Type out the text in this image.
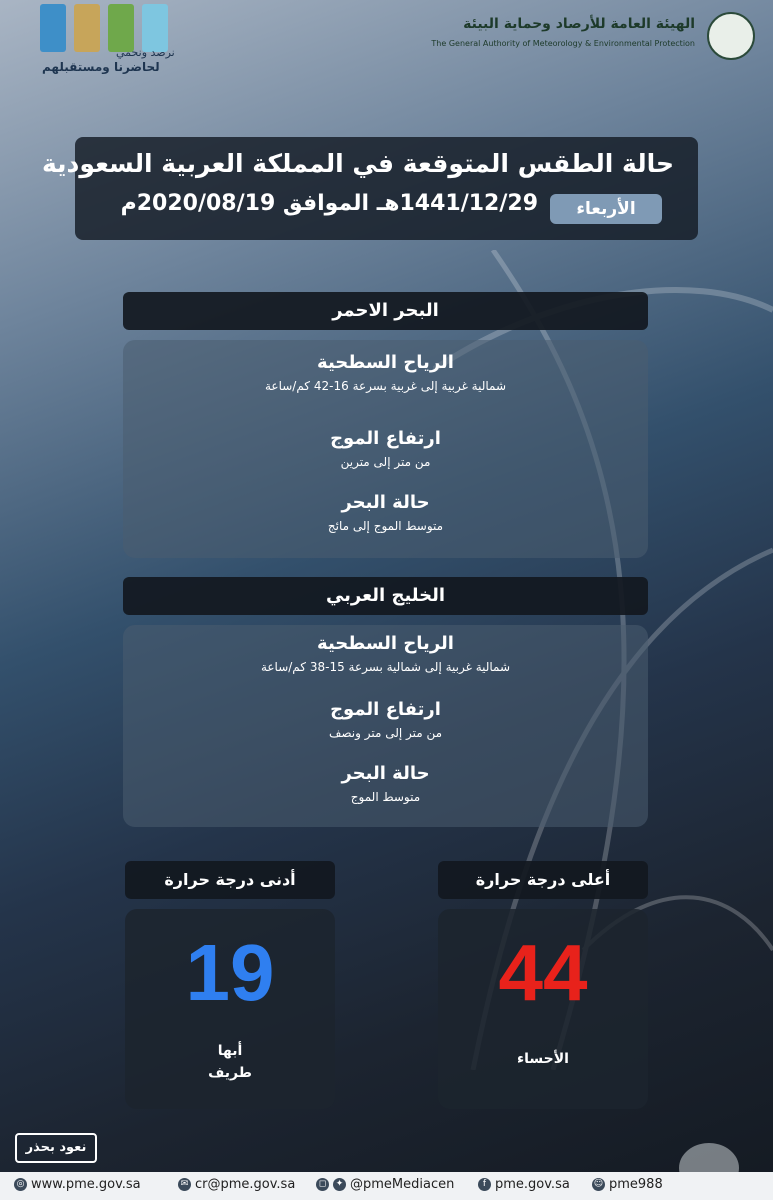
نرصد ونحمي
لحاضرنا ومستقبلهم
الهيئة العامة للأرصاد وحماية البيئة
The General Authority of Meteorology & Environmental Protection
حالة الطقس المتوقعة في المملكة العربية السعودية
الأربعاء
1441/12/29هـ الموافق 2020/08/19م
البحر الاحمر
الرياح السطحية
شمالية غربية إلى غربية بسرعة 16-42 كم/ساعة
ارتفاع الموج
من متر إلى مترين
حالة البحر
متوسط الموج إلى مائج
الخليج العربي
الرياح السطحية
شمالية غربية إلى شمالية بسرعة 15-38 كم/ساعة
ارتفاع الموج
من متر إلى متر ونصف
حالة البحر
متوسط الموج
أعلى درجة حرارة
44
الأحساء
أدنى درجة حرارة
19
أبها
طريف
نعود بحذر
◎ www.pme.gov.sa	✉ cr@pme.gov.sa	◻ ✦ @pmeMediacen	f pme.gov.sa	☺ pme988
